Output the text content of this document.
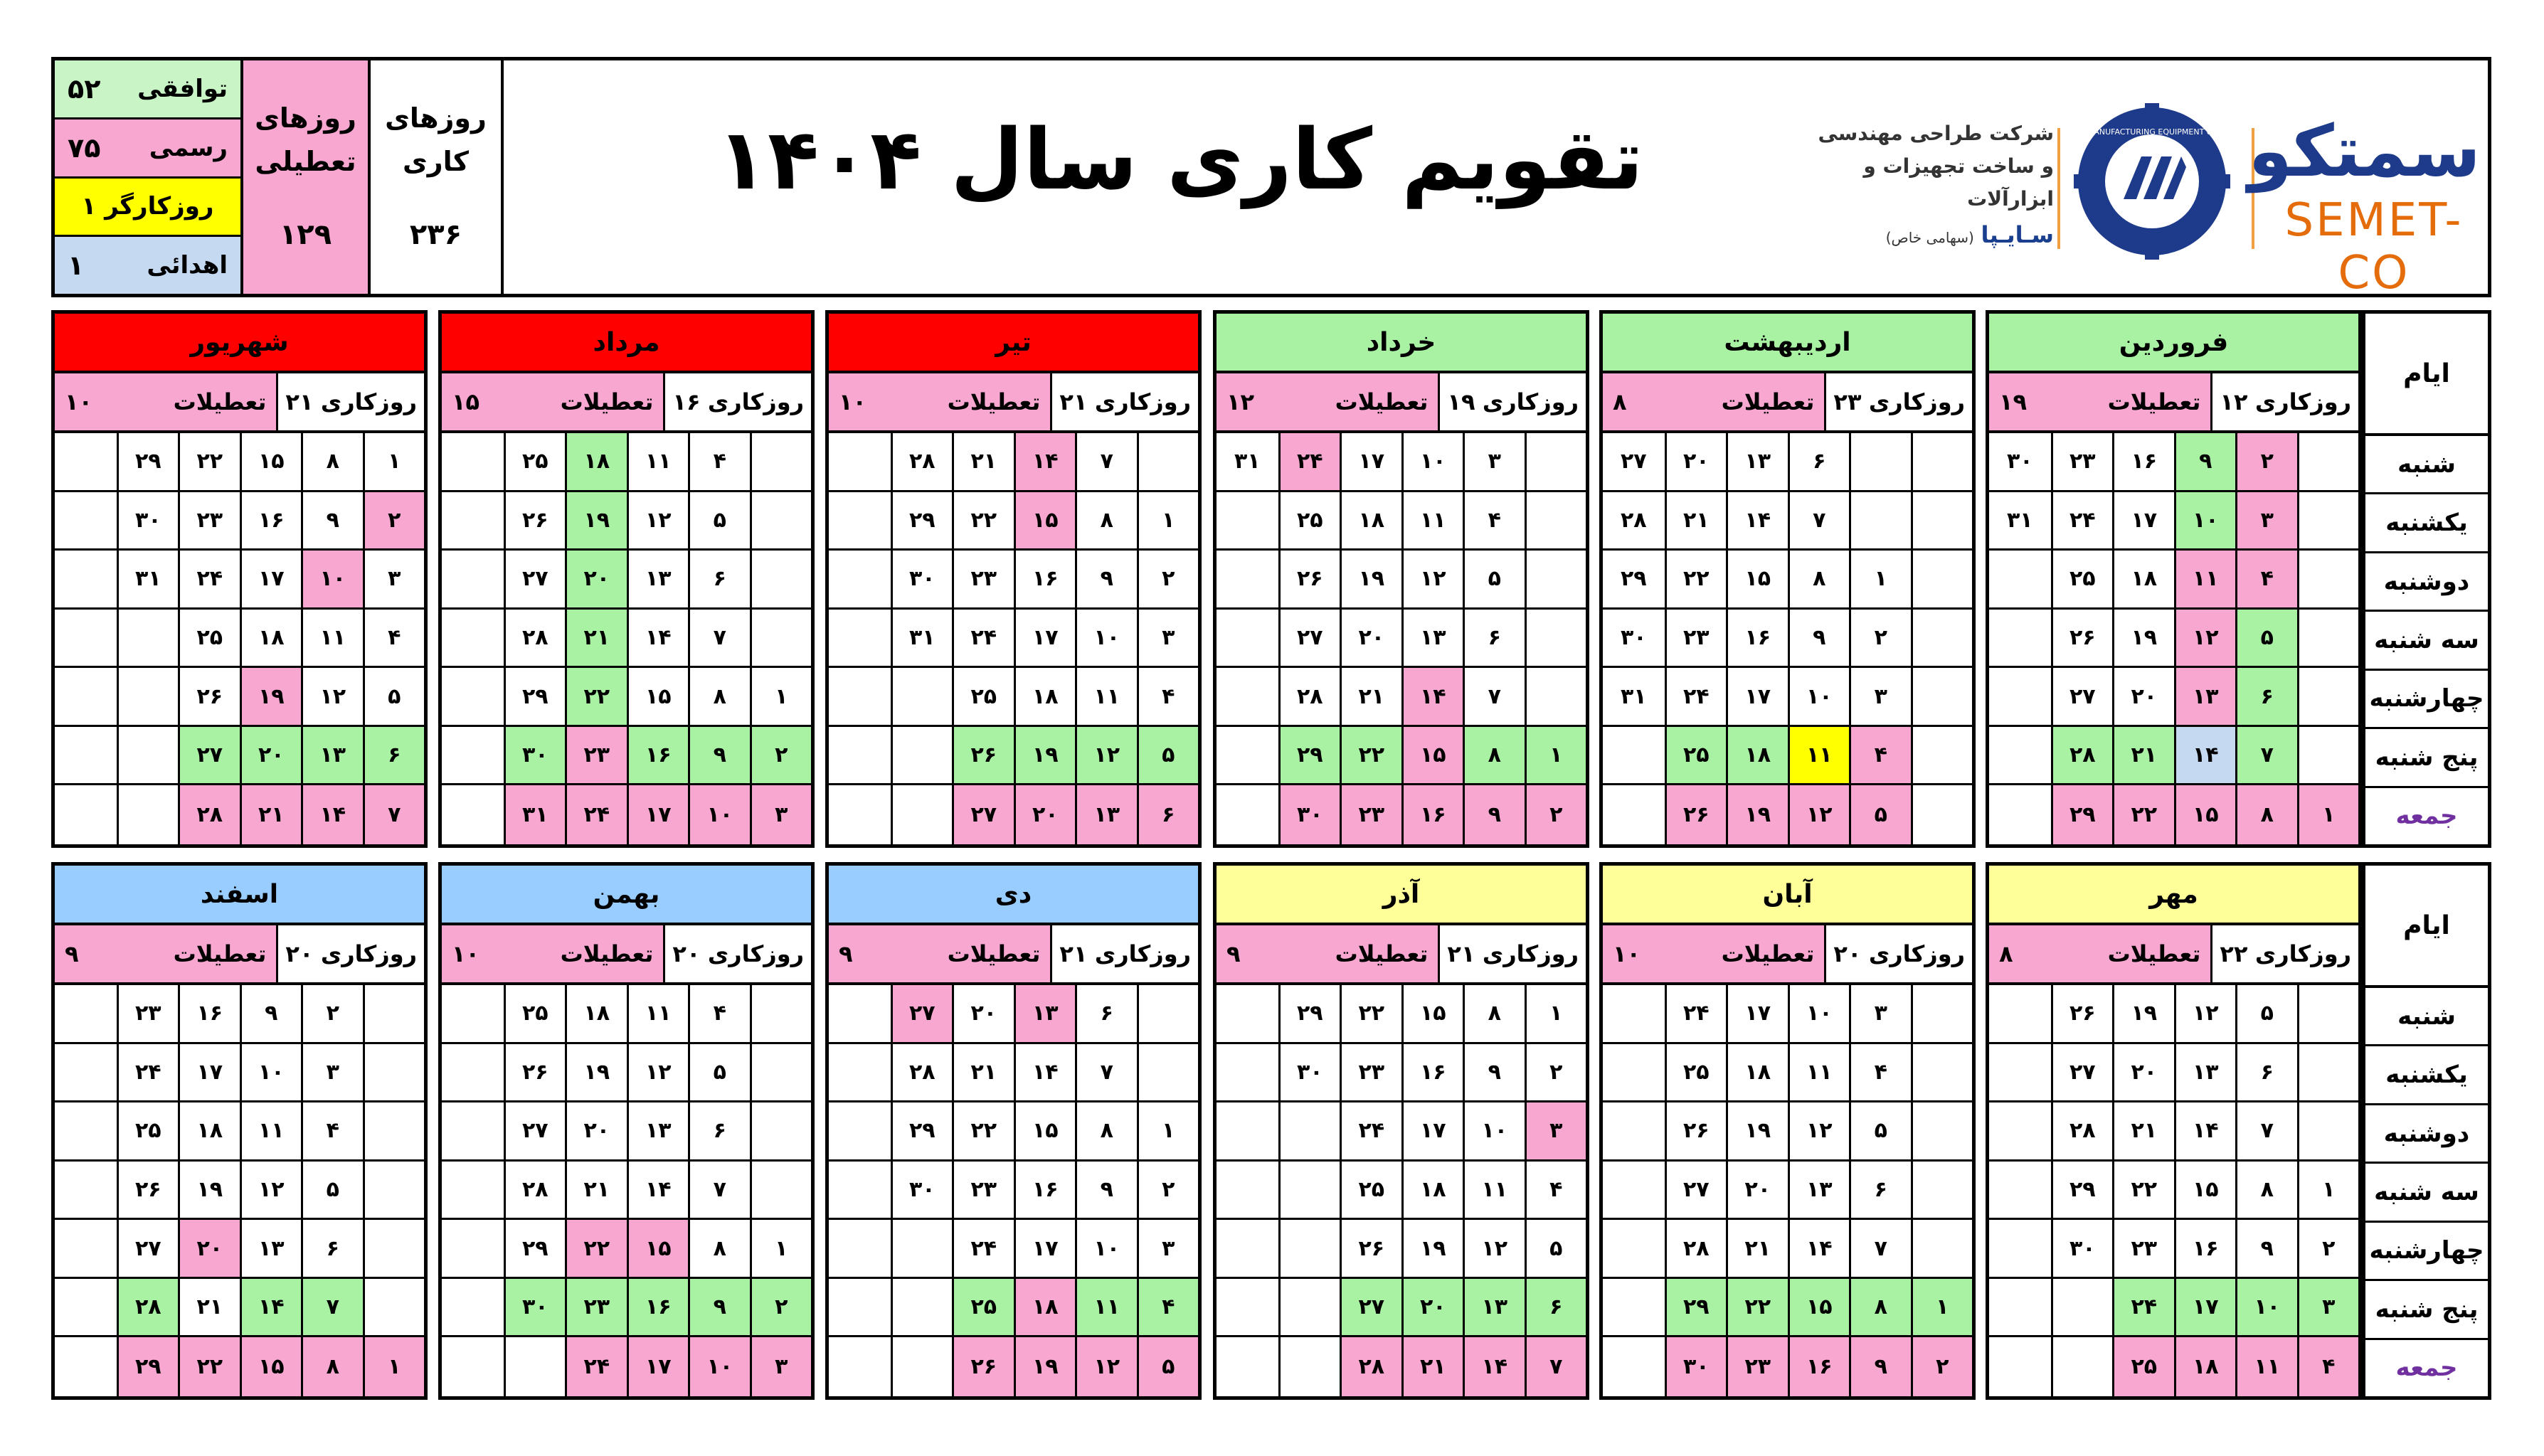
۵۲ توافقی
۷۵ رسمی
روزکارگر ۱
۱	اهدائی
روزهای
تعطیلی
۱۲۹
روزهای
کاری
۲۳۶
تقویم کاری سال ۱۴۰۴	شرکت طراحی مهندسی
و ساخت تجهیزات و ابزارآلات
سـایـپا (سهامی خاص)
SAIPA MANUFACTURING EQUIPMENT & TOOLS سمتکو
SEMET-CO
ایام
شنبه
یکشنبه
دوشنبه
سه شنبه
چهارشنبه
پنج شنبه
جمعه
ایام
شنبه
یکشنبه
دوشنبه
سه شنبه
چهارشنبه
پنج شنبه
جمعه
فروردین
روزکاری
۱۲
تعطیلات
۱۹
۲
۹
۱۶
۲۳
۳۰
۳
۱۰
۱۷
۲۴
۳۱
۴
۱۱
۱۸
۲۵
۵
۱۲
۱۹
۲۶
۶
۱۳
۲۰
۲۷
۷
۱۴
۲۱
۲۸
۱
۸
۱۵
۲۲
۲۹
اردیبهشت
روزکاری
۲۳
تعطیلات
۸
۶
۱۳
۲۰
۲۷
۷
۱۴
۲۱
۲۸
۱
۸
۱۵
۲۲
۲۹
۲
۹
۱۶
۲۳
۳۰
۳
۱۰
۱۷
۲۴
۳۱
۴
۱۱
۱۸
۲۵
۵
۱۲
۱۹
۲۶
خرداد
روزکاری
۱۹
تعطیلات
۱۲
۳
۱۰
۱۷
۲۴
۳۱
۴
۱۱
۱۸
۲۵
۵
۱۲
۱۹
۲۶
۶
۱۳
۲۰
۲۷
۷
۱۴
۲۱
۲۸
۱
۸
۱۵
۲۲
۲۹
۲
۹
۱۶
۲۳
۳۰
تیر
روزکاری
۲۱
تعطیلات
۱۰
۷
۱۴
۲۱
۲۸
۱
۸
۱۵
۲۲
۲۹
۲
۹
۱۶
۲۳
۳۰
۳
۱۰
۱۷
۲۴
۳۱
۴
۱۱
۱۸
۲۵
۵
۱۲
۱۹
۲۶
۶
۱۳
۲۰
۲۷
مرداد
روزکاری
۱۶
تعطیلات
۱۵
۴
۱۱
۱۸
۲۵
۵
۱۲
۱۹
۲۶
۶
۱۳
۲۰
۲۷
۷
۱۴
۲۱
۲۸
۱
۸
۱۵
۲۲
۲۹
۲
۹
۱۶
۲۳
۳۰
۳
۱۰
۱۷
۲۴
۳۱
شهریور
روزکاری
۲۱
تعطیلات
۱۰
۱
۸
۱۵
۲۲
۲۹
۲
۹
۱۶
۲۳
۳۰
۳
۱۰
۱۷
۲۴
۳۱
۴
۱۱
۱۸
۲۵
۵
۱۲
۱۹
۲۶
۶
۱۳
۲۰
۲۷
۷
۱۴
۲۱
۲۸
مهر
روزکاری
۲۲
تعطیلات
۸
۵
۱۲
۱۹
۲۶
۶
۱۳
۲۰
۲۷
۷
۱۴
۲۱
۲۸
۱
۸
۱۵
۲۲
۲۹
۲
۹
۱۶
۲۳
۳۰
۳
۱۰
۱۷
۲۴
۴
۱۱
۱۸
۲۵
آبان
روزکاری
۲۰
تعطیلات
۱۰
۳
۱۰
۱۷
۲۴
۴
۱۱
۱۸
۲۵
۵
۱۲
۱۹
۲۶
۶
۱۳
۲۰
۲۷
۷
۱۴
۲۱
۲۸
۱
۸
۱۵
۲۲
۲۹
۲
۹
۱۶
۲۳
۳۰
آذر
روزکاری
۲۱
تعطیلات
۹
۱
۸
۱۵
۲۲
۲۹
۲
۹
۱۶
۲۳
۳۰
۳
۱۰
۱۷
۲۴
۴
۱۱
۱۸
۲۵
۵
۱۲
۱۹
۲۶
۶
۱۳
۲۰
۲۷
۷
۱۴
۲۱
۲۸
دی
روزکاری
۲۱
تعطیلات
۹
۶
۱۳
۲۰
۲۷
۷
۱۴
۲۱
۲۸
۱
۸
۱۵
۲۲
۲۹
۲
۹
۱۶
۲۳
۳۰
۳
۱۰
۱۷
۲۴
۴
۱۱
۱۸
۲۵
۵
۱۲
۱۹
۲۶
بهمن
روزکاری
۲۰
تعطیلات
۱۰
۴
۱۱
۱۸
۲۵
۵
۱۲
۱۹
۲۶
۶
۱۳
۲۰
۲۷
۷
۱۴
۲۱
۲۸
۱
۸
۱۵
۲۲
۲۹
۲
۹
۱۶
۲۳
۳۰
۳
۱۰
۱۷
۲۴
اسفند
روزکاری
۲۰
تعطیلات
۹
۲
۹
۱۶
۲۳
۳
۱۰
۱۷
۲۴
۴
۱۱
۱۸
۲۵
۵
۱۲
۱۹
۲۶
۶
۱۳
۲۰
۲۷
۷
۱۴
۲۱
۲۸
۱
۸
۱۵
۲۲
۲۹
